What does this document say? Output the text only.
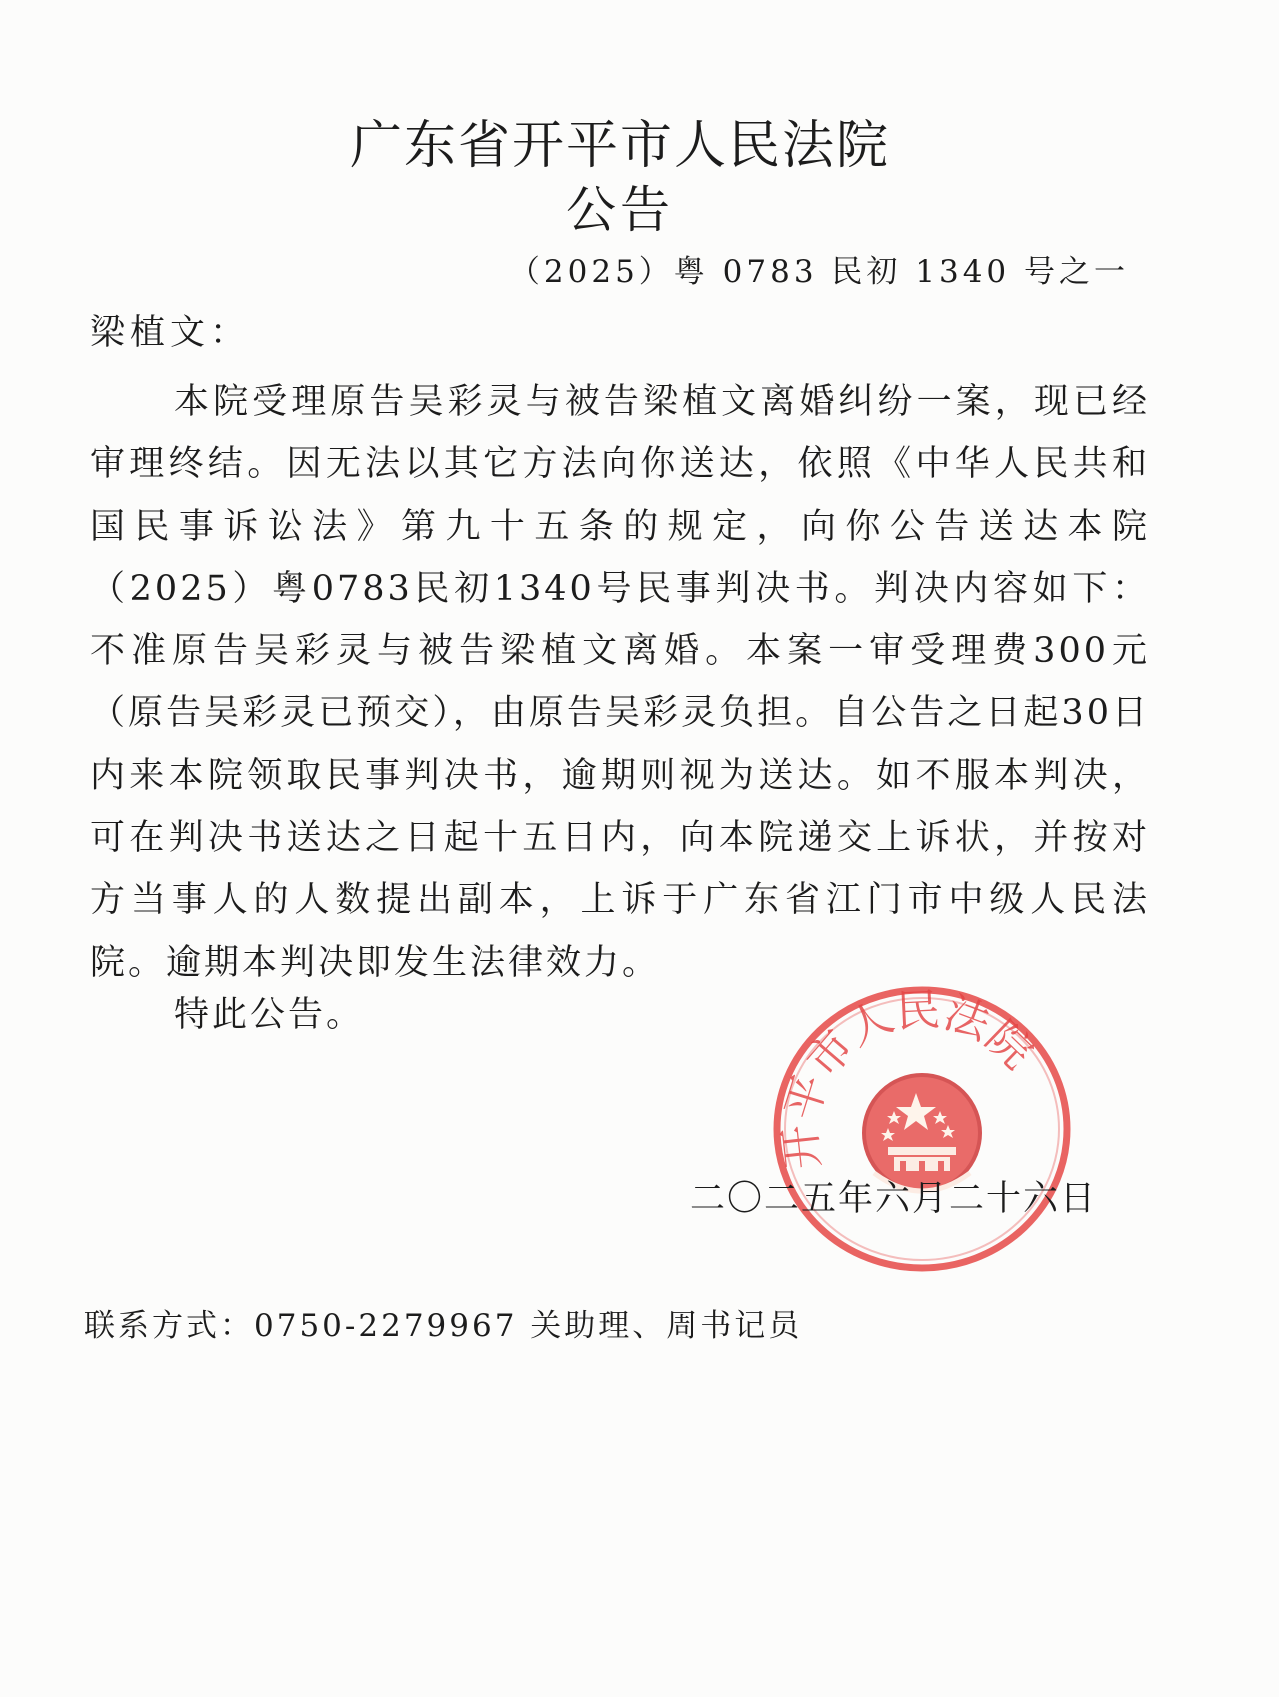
广东省开平市人民法院
公告
（2025）粤 0783 民初 1340 号之一
梁植文：

本院受理原告吴彩灵与被告梁植文离婚纠纷一案，现已经审理终结。因无法以其它方法向你送达，依照《中华人民共和国民事诉讼法》第九十五条的规定，向你公告送达本院（2025）粤0783民初1340号民事判决书。判决内容如下：不准原告吴彩灵与被告梁植文离婚。本案一审受理费300元（原告吴彩灵已预交），由原告吴彩灵负担。自公告之日起30日内来本院领取民事判决书，逾期则视为送达。如不服本判决，可在判决书送达之日起十五日内，向本院递交上诉状，并按对方当事人的人数提出副本，上诉于广东省江门市中级人民法院。逾期本判决即发生法律效力。

特此公告。
开平市人民法院
二〇二五年六月二十六日
联系方式：0750-2279967 关助理、周书记员
